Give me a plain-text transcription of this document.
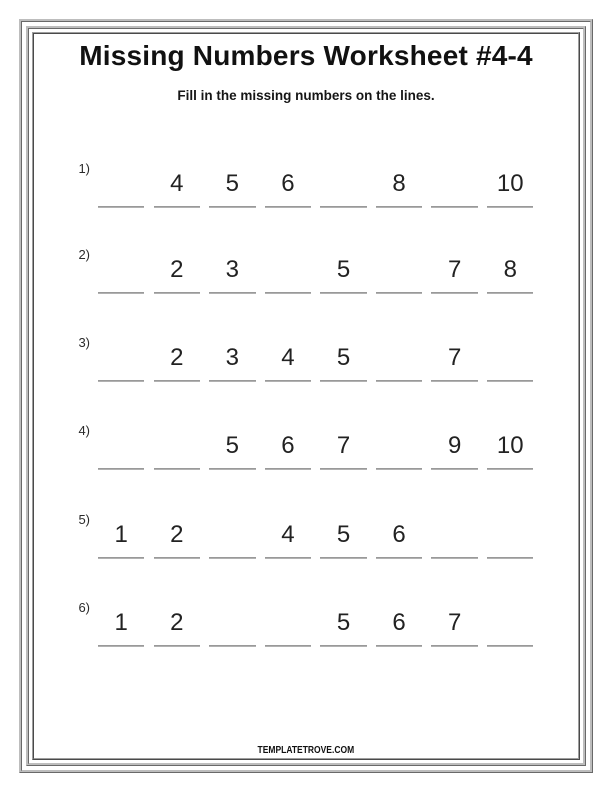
Missing Numbers Worksheet #4-4
Fill in the missing numbers on the lines.
1)
4 5 6	8	10
2)
2 3	5	7 8
3)
2 3 4 5	7
4)
5 6 7	9 10
5)
1 2	4 5 6
6)
1 2	5 6 7
TEMPLATETROVE.COM
